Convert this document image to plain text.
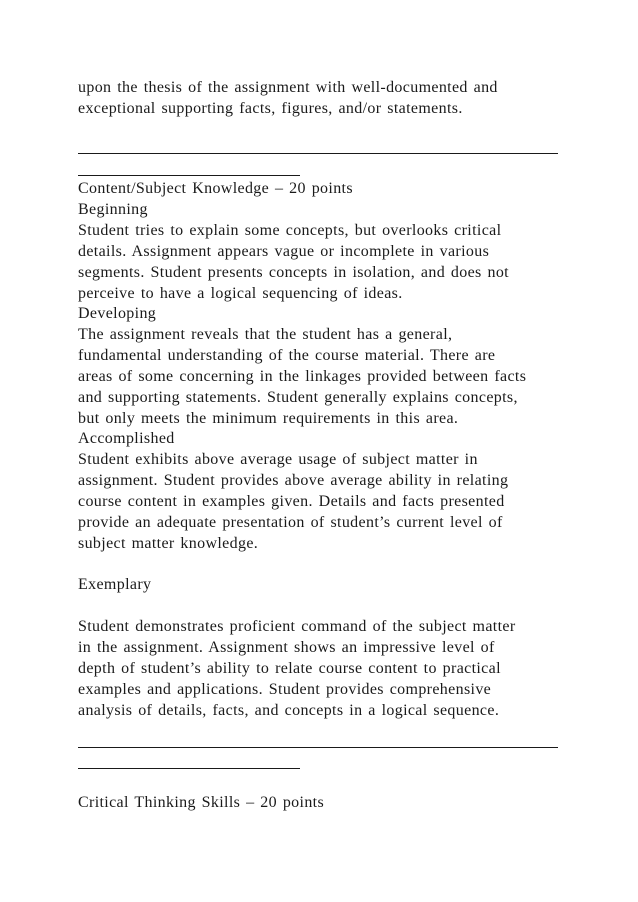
upon the thesis of the assignment with well-documented and
exceptional supporting facts, figures, and/or statements.
Content/Subject Knowledge – 20 points
Beginning
Student tries to explain some concepts, but overlooks critical
details. Assignment appears vague or incomplete in various
segments. Student presents concepts in isolation, and does not
perceive to have a logical sequencing of ideas.
Developing
The assignment reveals that the student has a general,
fundamental understanding of the course material. There are
areas of some concerning in the linkages provided between facts
and supporting statements. Student generally explains concepts,
but only meets the minimum requirements in this area.
Accomplished
Student exhibits above average usage of subject matter in
assignment. Student provides above average ability in relating
course content in examples given. Details and facts presented
provide an adequate presentation of student’s current level of
subject matter knowledge.
Exemplary
Student demonstrates proficient command of the subject matter
in the assignment. Assignment shows an impressive level of
depth of student’s ability to relate course content to practical
examples and applications. Student provides comprehensive
analysis of details, facts, and concepts in a logical sequence.
Critical Thinking Skills – 20 points
